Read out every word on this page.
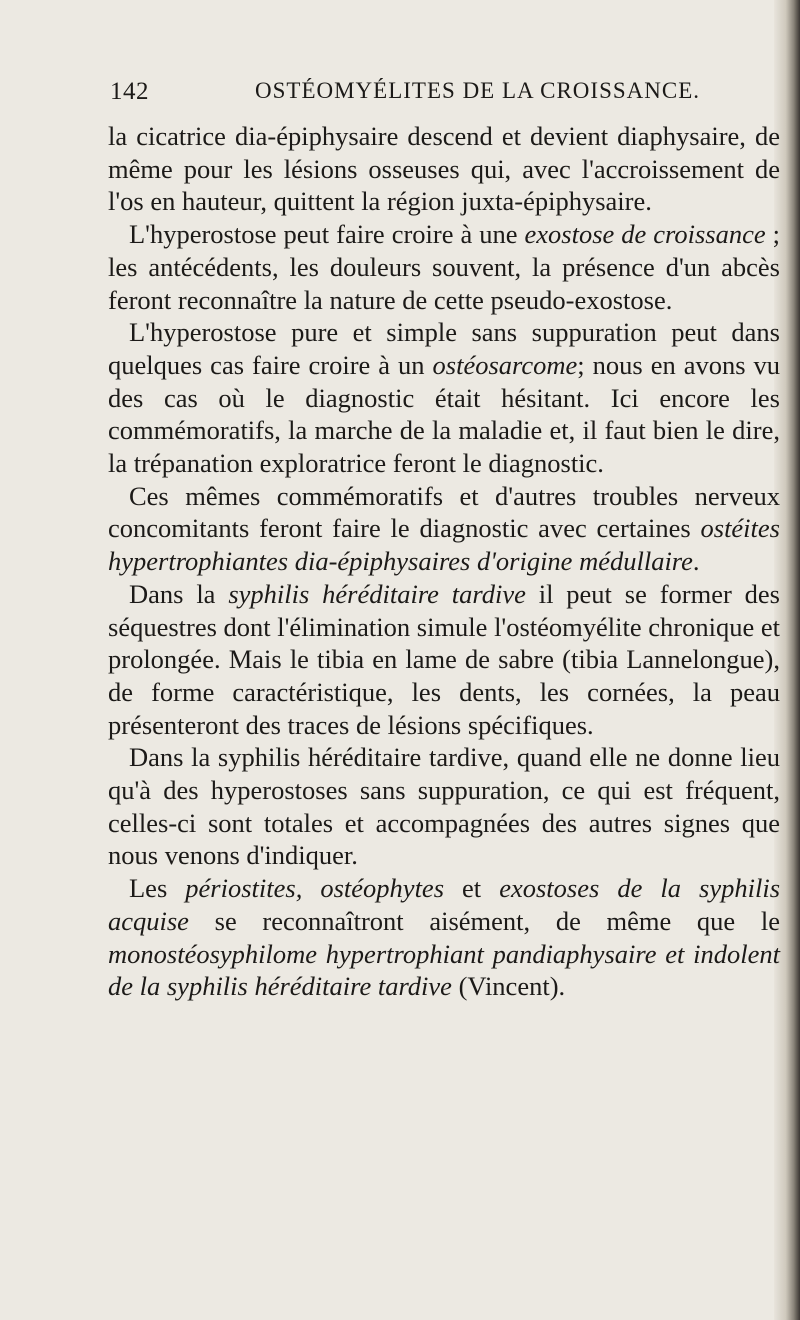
142	OSTÉOMYÉLITES DE LA CROISSANCE.

la cicatrice dia-épiphysaire descend et devient diaphysaire, de même pour les lésions osseuses qui, avec l'accroissement de l'os en hauteur, quittent la région juxta-épiphysaire.

L'hyperostose peut faire croire à une exostose de croissance ; les antécédents, les douleurs souvent, la présence d'un abcès feront reconnaître la nature de cette pseudo-exostose.

L'hyperostose pure et simple sans suppuration peut dans quelques cas faire croire à un ostéosarcome; nous en avons vu des cas où le diagnostic était hésitant. Ici encore les commémoratifs, la marche de la maladie et, il faut bien le dire, la trépanation exploratrice feront le diagnostic.

Ces mêmes commémoratifs et d'autres troubles nerveux concomitants feront faire le diagnostic avec certaines ostéites hypertrophiantes dia-épiphysaires d'origine médullaire.

Dans la syphilis héréditaire tardive il peut se former des séquestres dont l'élimination simule l'ostéomyélite chronique et prolongée. Mais le tibia en lame de sabre (tibia Lannelongue), de forme caractéristique, les dents, les cornées, la peau présenteront des traces de lésions spécifiques.

Dans la syphilis héréditaire tardive, quand elle ne donne lieu qu'à des hyperostoses sans suppuration, ce qui est fréquent, celles-ci sont totales et accompagnées des autres signes que nous venons d'indiquer.

Les périostites, ostéophytes et exostoses de la syphilis acquise se reconnaîtront aisément, de même que le monostéosyphilome hypertrophiant pandiaphysaire et indolent de la syphilis héréditaire tardive (Vincent).
